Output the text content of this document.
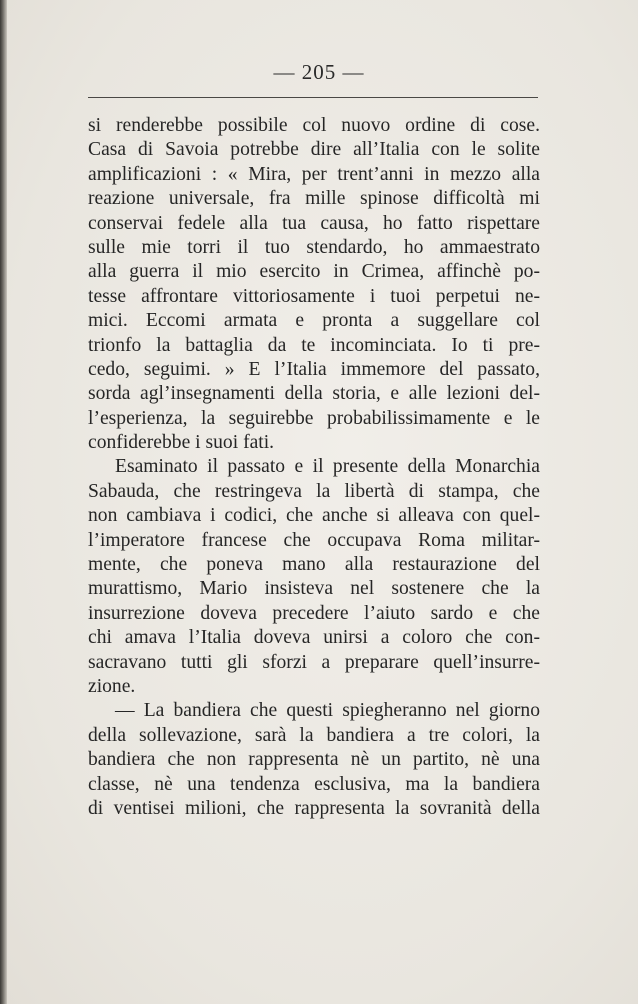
— 205 —
si renderebbe possibile col nuovo ordine di cose.
Casa di Savoia potrebbe dire all’Italia con le solite
amplificazioni : « Mira, per trent’anni in mezzo alla
reazione universale, fra mille spinose difficoltà mi
conservai fedele alla tua causa, ho fatto rispettare
sulle mie torri il tuo stendardo, ho ammaestrato
alla guerra il mio esercito in Crimea, affinchè po-
tesse affrontare vittoriosamente i tuoi perpetui ne-
mici. Eccomi armata e pronta a suggellare col
trionfo la battaglia da te incominciata. Io ti pre-
cedo, seguimi. » E l’Italia immemore del passato,
sorda agl’insegnamenti della storia, e alle lezioni del-
l’esperienza, la seguirebbe probabilissimamente e le
confiderebbe i suoi fati.
Esaminato il passato e il presente della Monarchia
Sabauda, che restringeva la libertà di stampa, che
non cambiava i codici, che anche si alleava con quel-
l’imperatore francese che occupava Roma militar-
mente, che poneva mano alla restaurazione del
murattismo, Mario insisteva nel sostenere che la
insurrezione doveva precedere l’aiuto sardo e che
chi amava l’Italia doveva unirsi a coloro che con-
sacravano tutti gli sforzi a preparare quell’insurre-
zione.
— La bandiera che questi spiegheranno nel giorno
della sollevazione, sarà la bandiera a tre colori, la
bandiera che non rappresenta nè un partito, nè una
classe, nè una tendenza esclusiva, ma la bandiera
di ventisei milioni, che rappresenta la sovranità della
